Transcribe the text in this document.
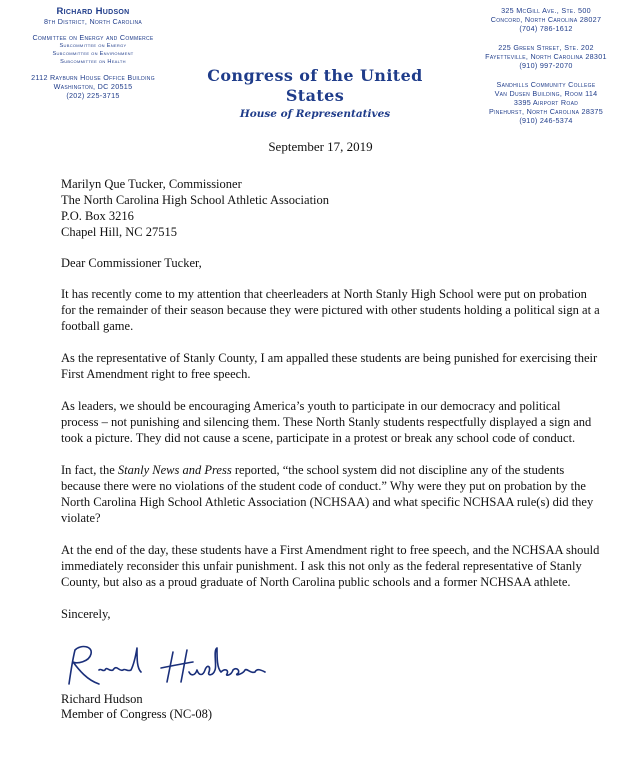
Richard Hudson
8th District, North Carolina
Committee on Energy and Commerce
Subcommittee on Energy
Subcommittee on Environment
Subcommittee on Health
2112 Rayburn House Office Building
Washington, DC 20515
(202) 225-3715
Congress of the United States
House of Representatives
325 McGill Ave., Ste. 500
Concord, North Carolina 28027
(704) 786-1612
225 Green Street, Ste. 202
Fayetteville, North Carolina 28301
(910) 997-2070
Sandhills Community College
Van Dusen Building, Room 114
3395 Airport Road
Pinehurst, North Carolina 28375
(910) 246-5374
September 17, 2019

Marilyn Que Tucker, Commissioner

The North Carolina High School Athletic Association

P.O. Box 3216

Chapel Hill, NC 27515

Dear Commissioner Tucker,

It has recently come to my attention that cheerleaders at North Stanly High School were put on probation for the remainder of their season because they were pictured with other students holding a political sign at a football game.

As the representative of Stanly County, I am appalled these students are being punished for exercising their First Amendment right to free speech.

As leaders, we should be encouraging America’s youth to participate in our democracy and political process – not punishing and silencing them. These North Stanly students respectfully displayed a sign and took a picture. They did not cause a scene, participate in a protest or break any school code of conduct.

In fact, the Stanly News and Press reported, “the school system did not discipline any of the students because there were no violations of the student code of conduct.” Why were they put on probation by the North Carolina High School Athletic Association (NCHSAA) and what specific NCHSAA rule(s) did they violate?

At the end of the day, these students have a First Amendment right to free speech, and the NCHSAA should immediately reconsider this unfair punishment. I ask this not only as the federal representative of Stanly County, but also as a proud graduate of North Carolina public schools and a former NCHSAA athlete.

Sincerely,

Richard Hudson

Member of Congress (NC-08)
